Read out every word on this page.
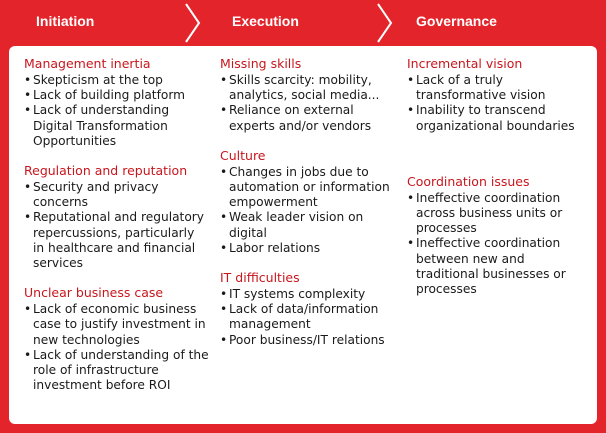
Initiation	Execution	Governance
Management inertia
• Skepticism at the top
• Lack of building platform
• Lack of understanding Digital Transformation Opportunities
Regulation and reputation
• Security and privacy concerns
• Reputational and regulatory repercussions, particularly in healthcare and financial services
Unclear business case
• Lack of economic business case to justify investment in new technologies
• Lack of understanding of the role of infrastructure investment before ROI
Missing skills
• Skills scarcity: mobility, analytics, social media...
• Reliance on external experts and/or vendors
Culture
• Changes in jobs due to automation or information empowerment
• Weak leader vision on digital
• Labor relations
IT difficulties
• IT systems complexity
• Lack of data/information management
• Poor business/IT relations
Incremental vision
• Lack of a truly transformative vision
• Inability to transcend organizational boundaries
Coordination issues
• Ineffective coordination across business units or processes
• Ineffective coordination between new and traditional businesses or processes
